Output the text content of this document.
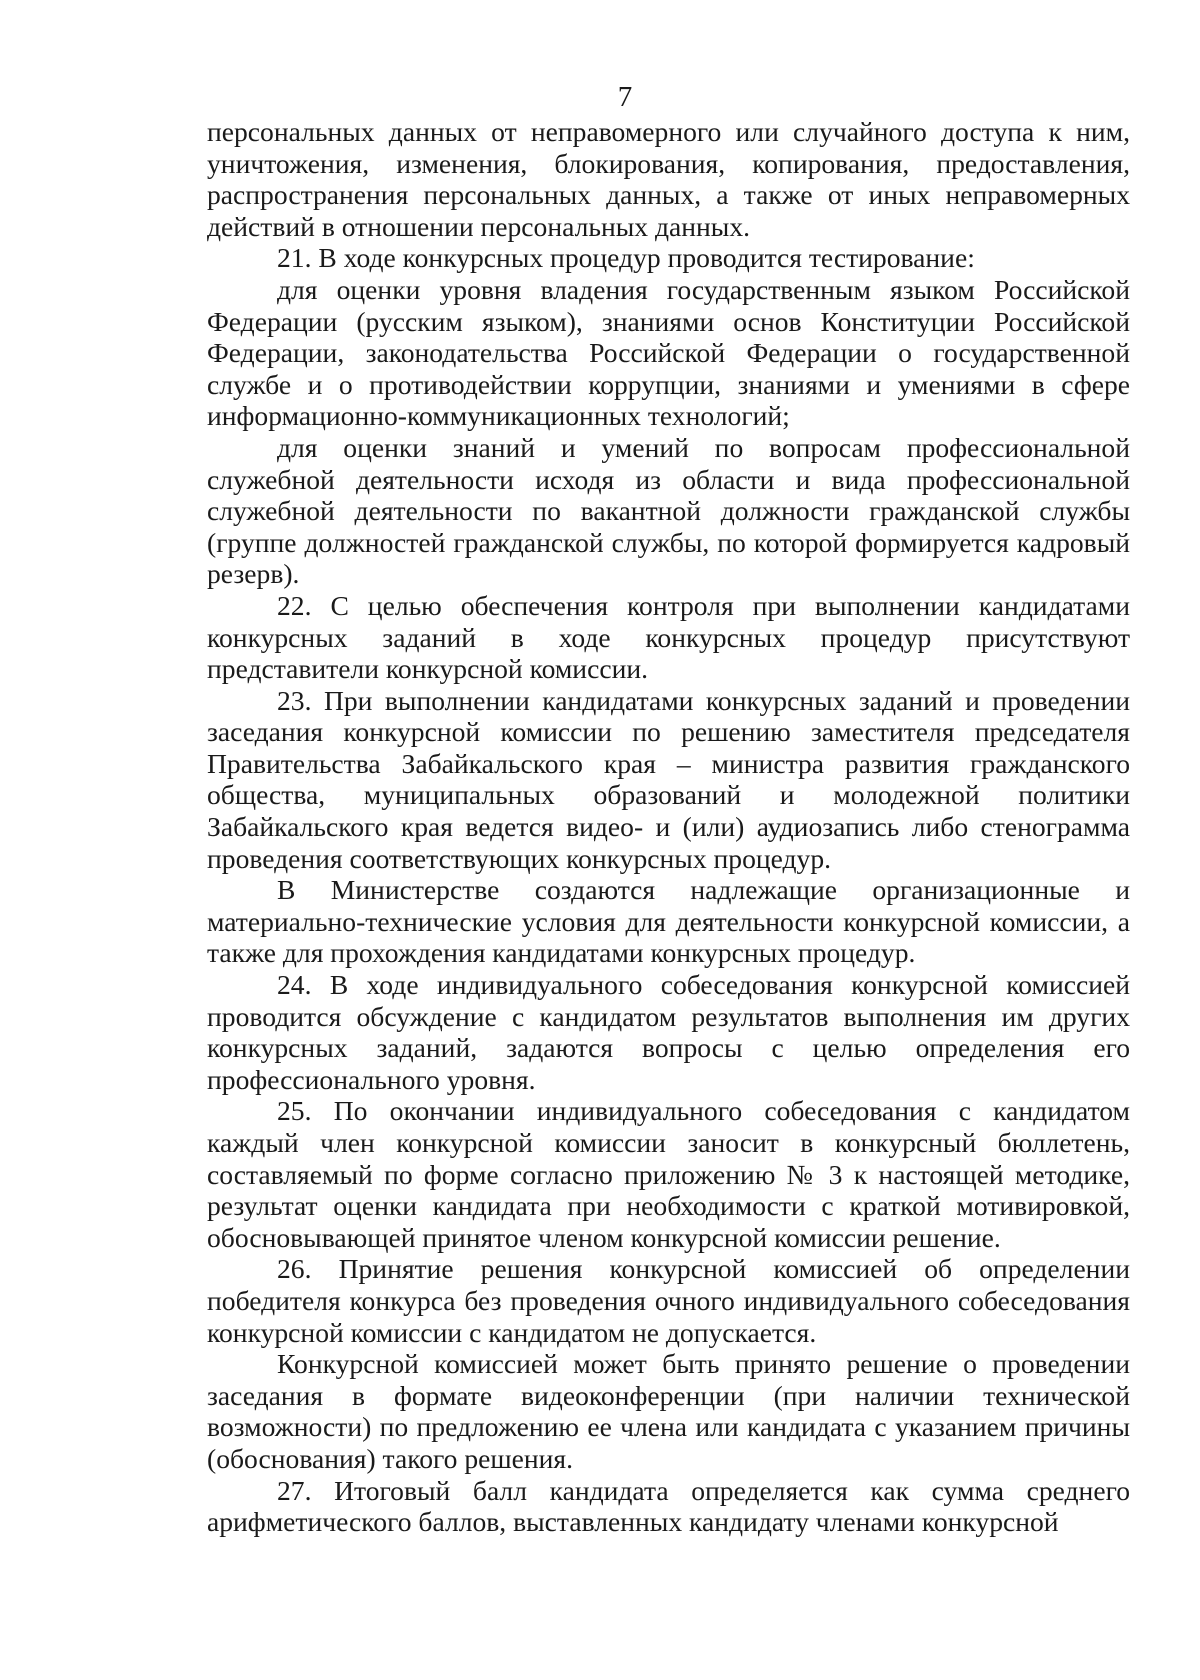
7

персональных данных от неправомерного или случайного доступа к ним, уничтожения, изменения, блокирования, копирования, предоставления, распространения персональных данных, а также от иных неправомерных действий в отношении персональных данных.

21. В ходе конкурсных процедур проводится тестирование:

для оценки уровня владения государственным языком Российской Федерации (русским языком), знаниями основ Конституции Российской Федерации, законодательства Российской Федерации о государственной службе и о противодействии коррупции, знаниями и умениями в сфере информационно-коммуникационных технологий;

для оценки знаний и умений по вопросам профессиональной служебной деятельности исходя из области и вида профессиональной служебной деятельности по вакантной должности гражданской службы (группе должностей гражданской службы, по которой формируется кадровый резерв).

22. С целью обеспечения контроля при выполнении кандидатами конкурсных заданий в ходе конкурсных процедур присутствуют представители конкурсной комиссии.

23. При выполнении кандидатами конкурсных заданий и проведении заседания конкурсной комиссии по решению заместителя председателя Правительства Забайкальского края – министра развития гражданского общества, муниципальных образований и молодежной политики Забайкальского края ведется видео- и (или) аудиозапись либо стенограмма проведения соответствующих конкурсных процедур.

В Министерстве создаются надлежащие организационные и материально-технические условия для деятельности конкурсной комиссии, а также для прохождения кандидатами конкурсных процедур.

24. В ходе индивидуального собеседования конкурсной комиссией проводится обсуждение с кандидатом результатов выполнения им других конкурсных заданий, задаются вопросы с целью определения его профессионального уровня.

25. По окончании индивидуального собеседования с кандидатом каждый член конкурсной комиссии заносит в конкурсный бюллетень, составляемый по форме согласно приложению № 3 к настоящей методике, результат оценки кандидата при необходимости с краткой мотивировкой, обосновывающей принятое членом конкурсной комиссии решение.

26. Принятие решения конкурсной комиссией об определении победителя конкурса без проведения очного индивидуального собеседования конкурсной комиссии с кандидатом не допускается.

Конкурсной комиссией может быть принято решение о проведении заседания в формате видеоконференции (при наличии технической возможности) по предложению ее члена или кандидата с указанием причины (обоснования) такого решения.

27. Итоговый балл кандидата определяется как сумма среднего арифметического баллов, выставленных кандидату членами конкурсной
